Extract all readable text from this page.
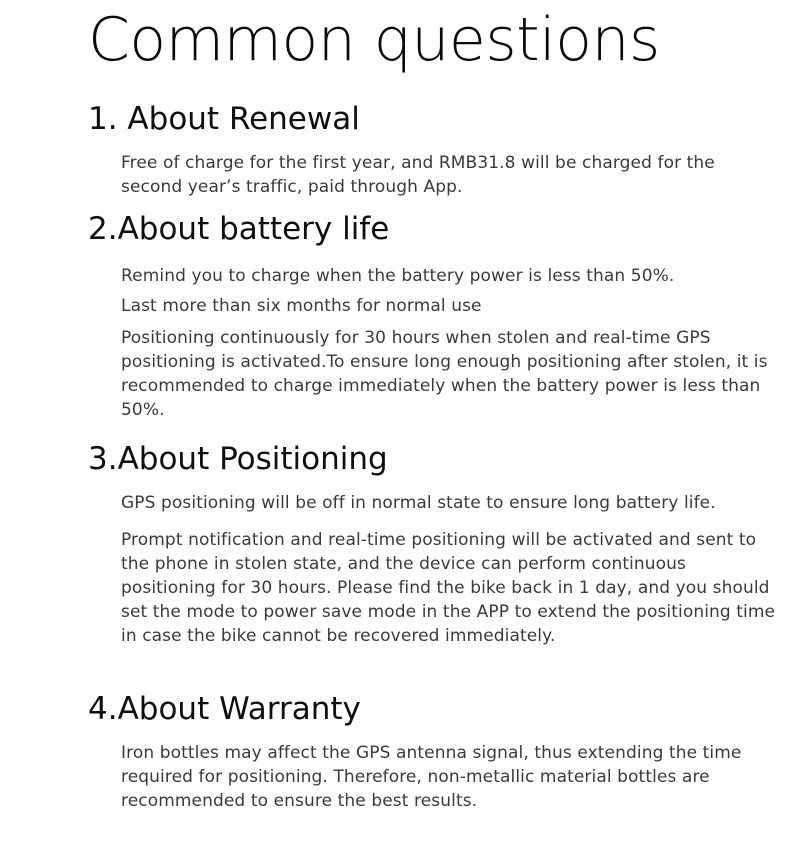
Common questions
1. About Renewal

Free of charge for the first year, and RMB31.8 will be charged for the second year’s traffic, paid through App.

2.About battery life

Remind you to charge when the battery power is less than 50%.

Last more than six months for normal use

Positioning continuously for 30 hours when stolen and real-time GPS positioning is activated.To ensure long enough positioning after stolen, it is recommended to charge immediately when the battery power is less than 50%.

3.About Positioning

GPS positioning will be off in normal state to ensure long battery life.

Prompt notification and real-time positioning will be activated and sent to the phone in stolen state, and the device can perform continuous positioning for 30 hours. Please find the bike back in 1 day, and you should set the mode to power save mode in the APP to extend the positioning time in case the bike cannot be recovered immediately.

4.About Warranty

Iron bottles may affect the GPS antenna signal, thus extending the time required for positioning. Therefore, non-metallic material bottles are recommended to ensure the best results.
